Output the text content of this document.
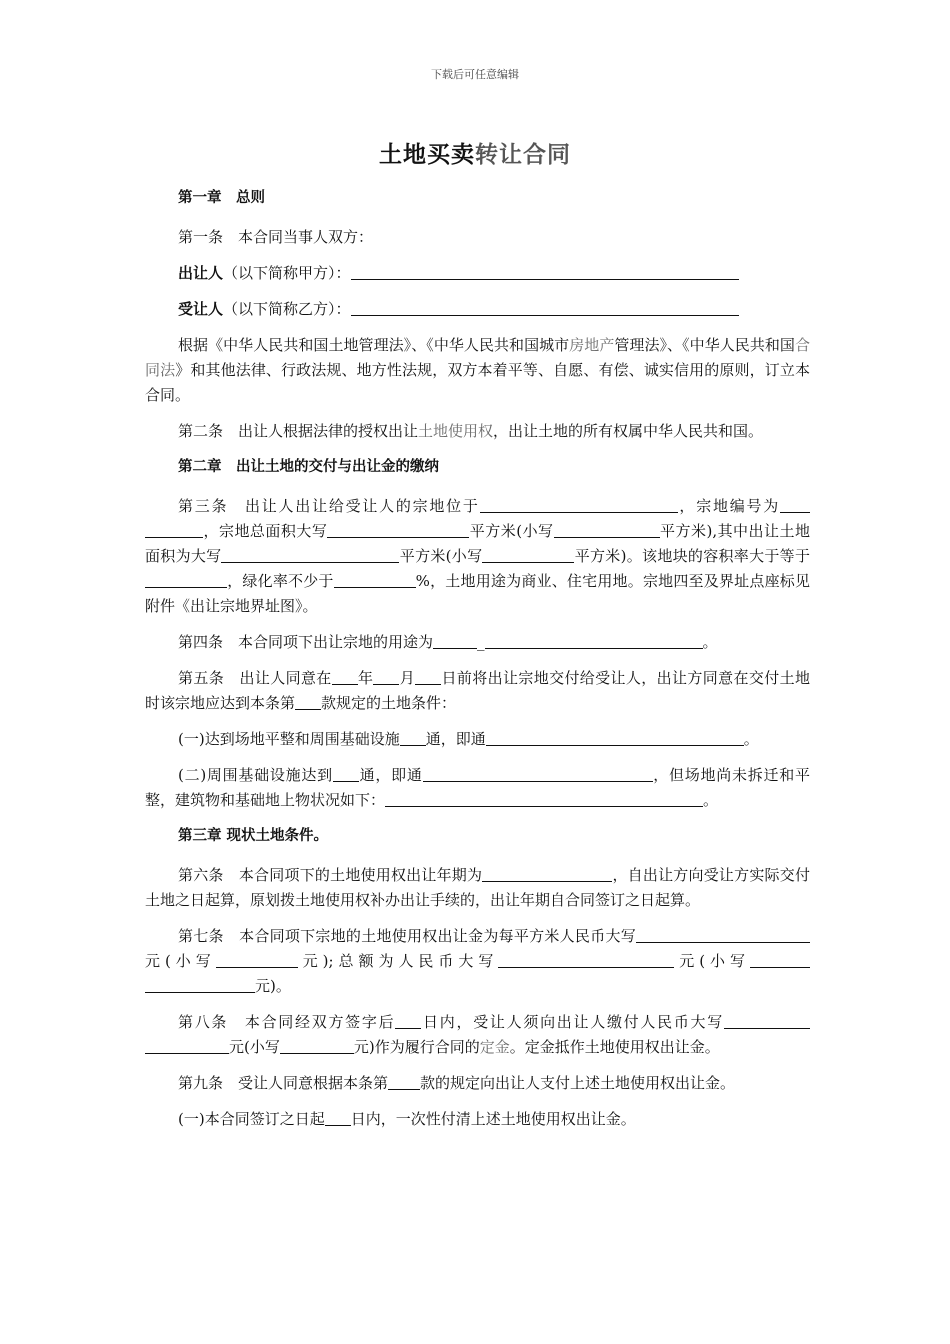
下载后可任意编辑
土地买卖转让合同
第一章　总则

第一条　本合同当事人双方：

出让人（以下简称甲方）：

受让人（以下简称乙方）：

根据《中华人民共和国土地管理法》、《中华人民共和国城市房地产管理法》、《中华人民共和国合同法》和其他法律、行政法规、地方性法规，双方本着平等、自愿、有偿、诚实信用的原则，订立本合同。

第二条　出让人根据法律的授权出让土地使用权，出让土地的所有权属中华人民共和国。

第二章　出让土地的交付与出让金的缴纳

第三条　出让人出让给受让人的宗地位于	，宗地编号为，宗地总面积大写	平方米(小写	平方米),其中出让土地面积为大写	平方米(小写	平方米)。该地块的容积率大于等于，绿化率不少于	%，土地用途为商业、住宅用地。宗地四至及界址点座标见附件《出让宗地界址图》。

第四条　本合同项下出让宗地的用途为	_	。

第五条　出让人同意在 年 月 日前将出让宗地交付给受让人，出让方同意在交付土地时该宗地应达到本条第 款规定的土地条件：

(一)达到场地平整和周围基础设施 通，即通	。

(二)周围基础设施达到 通，即通	，但场地尚未拆迁和平整，建筑物和基础地上物状况如下：	。

第三章 现状土地条件。

第六条　本合同项下的土地使用权出让年期为	，自出让方向受让方实际交付土地之日起算，原划拨土地使用权补办出让手续的，出让年期自合同签订之日起算。

第七条　本合同项下宗地的土地使用权出让金为每平方米人民币大写元(小写	元);总额为人民币大写	元(小写元)。

第八条　本合同经双方签字后 日内，受让人须向出让人缴付人民币大写元(小写	元)作为履行合同的定金。定金抵作土地使用权出让金。

第九条　受让人同意根据本条第 款的规定向出让人支付上述土地使用权出让金。

(一)本合同签订之日起 日内，一次性付清上述土地使用权出让金。
